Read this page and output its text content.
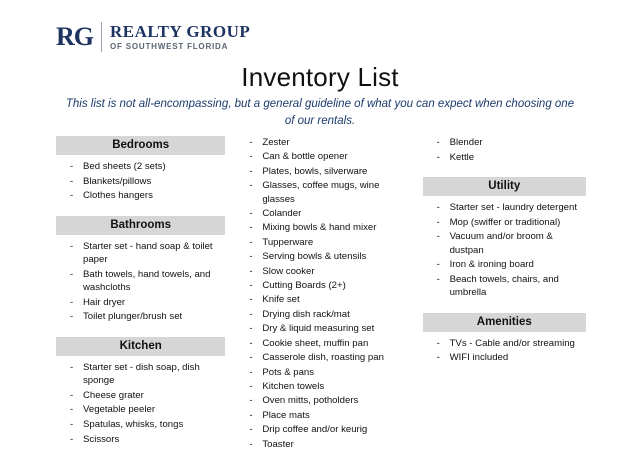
RG	REALTY GROUP
OF SOUTHWEST FLORIDA
Inventory List
This list is not all-encompassing, but a general guideline of what you can expect when choosing one of our rentals.
Bedrooms
- Bed sheets (2 sets)
- Blankets/pillows
- Clothes hangers
Bathrooms
- Starter set - hand soap & toilet paper
- Bath towels, hand towels, and washcloths
- Hair dryer
- Toilet plunger/brush set
Kitchen
- Starter set - dish soap, dish sponge
- Cheese grater
- Vegetable peeler
- Spatulas, whisks, tongs
- Scissors
- Zester
- Can & bottle opener
- Plates, bowls, silverware
- Glasses, coffee mugs, wine glasses
- Colander
- Mixing bowls & hand mixer
- Tupperware
- Serving bowls & utensils
- Slow cooker
- Cutting Boards (2+)
- Knife set
- Drying dish rack/mat
- Dry & liquid measuring set
- Cookie sheet, muffin pan
- Casserole dish, roasting pan
- Pots & pans
- Kitchen towels
- Oven mitts, potholders
- Place mats
- Drip coffee and/or keurig
- Toaster
- Blender
- Kettle
Utility
- Starter set - laundry detergent
- Mop (swiffer or traditional)
- Vacuum and/or broom & dustpan
- Iron & ironing board
- Beach towels, chairs, and umbrella
Amenities
- TVs - Cable and/or streaming
- WIFI included
